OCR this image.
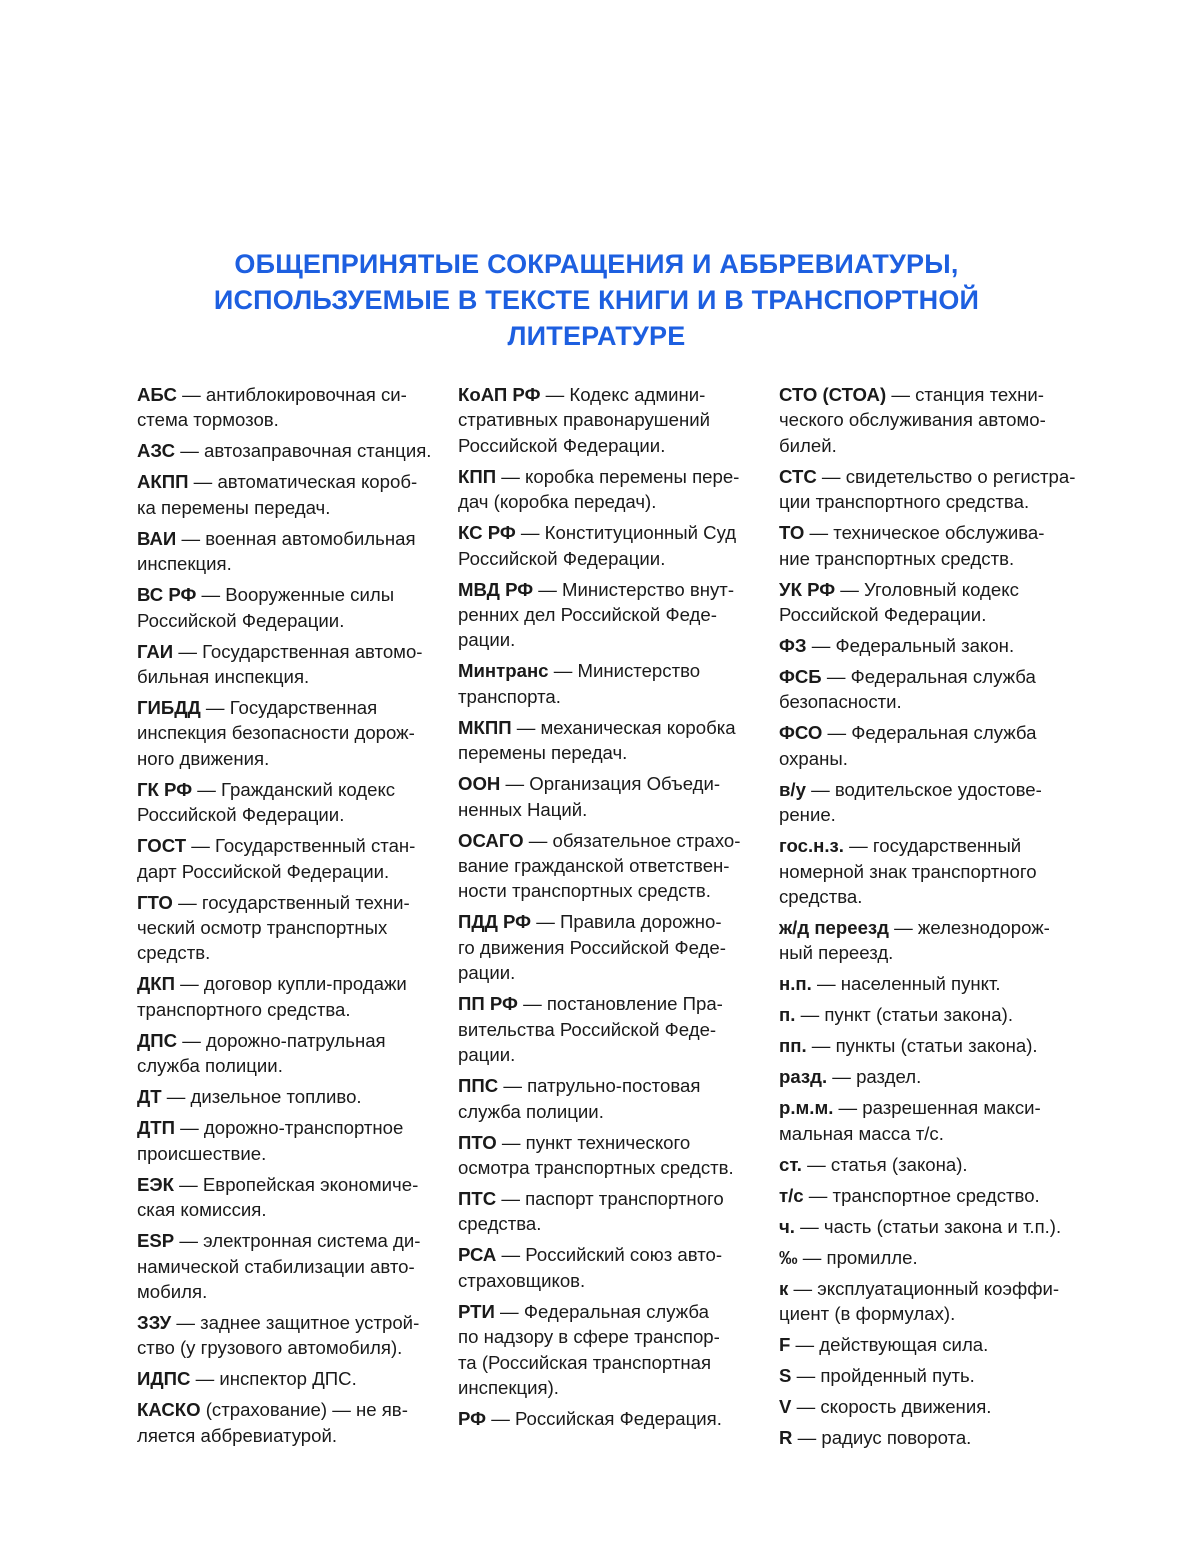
ОБЩЕПРИНЯТЫЕ СОКРАЩЕНИЯ И АББРЕВИАТУРЫ,
ИСПОЛЬЗУЕМЫЕ В ТЕКСТЕ КНИГИ И В ТРАНСПОРТНОЙ
ЛИТЕРАТУРЕ
АБС — антиблокировочная си-
стема тормозов.
АЗС — автозаправочная станция.
АКПП — автоматическая короб-
ка перемены передач.
ВАИ — военная автомобильная
инспекция.
ВС РФ — Вооруженные силы
Российской Федерации.
ГАИ — Государственная автомо-
бильная инспекция.
ГИБДД — Государственная
инспекция безопасности дорож-
ного движения.
ГК РФ — Гражданский кодекс
Российской Федерации.
ГОСТ — Государственный стан-
дарт Российской Федерации.
ГТО — государственный техни-
ческий осмотр транспортных
средств.
ДКП — договор купли-продажи
транспортного средства.
ДПС — дорожно-патрульная
служба полиции.
ДТ — дизельное топливо.
ДТП — дорожно-транспортное
происшествие.
ЕЭК — Европейская экономиче-
ская комиссия.
ESP — электронная система ди-
намической стабилизации авто-
мобиля.
ЗЗУ — заднее защитное устрой-
ство (у грузового автомобиля).
ИДПС — инспектор ДПС.
КАСКО (страхование) — не яв-
ляется аббревиатурой.
КоАП РФ — Кодекс админи-
стративных правонарушений
Российской Федерации.
КПП — коробка перемены пере-
дач (коробка передач).
КС РФ — Конституционный Суд
Российской Федерации.
МВД РФ — Министерство внут-
ренних дел Российской Феде-
рации.
Минтранс — Министерство
транспорта.
МКПП — механическая коробка
перемены передач.
ООН — Организация Объеди-
ненных Наций.
ОСАГО — обязательное страхо-
вание гражданской ответствен-
ности транспортных средств.
ПДД РФ — Правила дорожно-
го движения Российской Феде-
рации.
ПП РФ — постановление Пра-
вительства Российской Феде-
рации.
ППС — патрульно-постовая
служба полиции.
ПТО — пункт технического
осмотра транспортных средств.
ПТС — паспорт транспортного
средства.
РСА — Российский союз авто-
страховщиков.
РТИ — Федеральная служба
по надзору в сфере транспор-
та (Российская транспортная
инспекция).
РФ — Российская Федерация.
СТО (СТОА) — станция техни-
ческого обслуживания автомо-
билей.
СТС — свидетельство о регистра-
ции транспортного средства.
ТО — техническое обслужива-
ние транспортных средств.
УК РФ — Уголовный кодекс
Российской Федерации.
ФЗ — Федеральный закон.
ФСБ — Федеральная служба
безопасности.
ФСО — Федеральная служба
охраны.
в/у — водительское удостове-
рение.
гос.н.з. — государственный
номерной знак транспортного
средства.
ж/д переезд — железнодорож-
ный переезд.
н.п. — населенный пункт.
п. — пункт (статьи закона).
пп. — пункты (статьи закона).
разд. — раздел.
р.м.м. — разрешенная макси-
мальная масса т/с.
ст. — статья (закона).
т/с — транспортное средство.
ч. — часть (статьи закона и т.п.).
‰ — промилле.
к — эксплуатационный коэффи-
циент (в формулах).
F — действующая сила.
S — пройденный путь.
V — скорость движения.
R — радиус поворота.
